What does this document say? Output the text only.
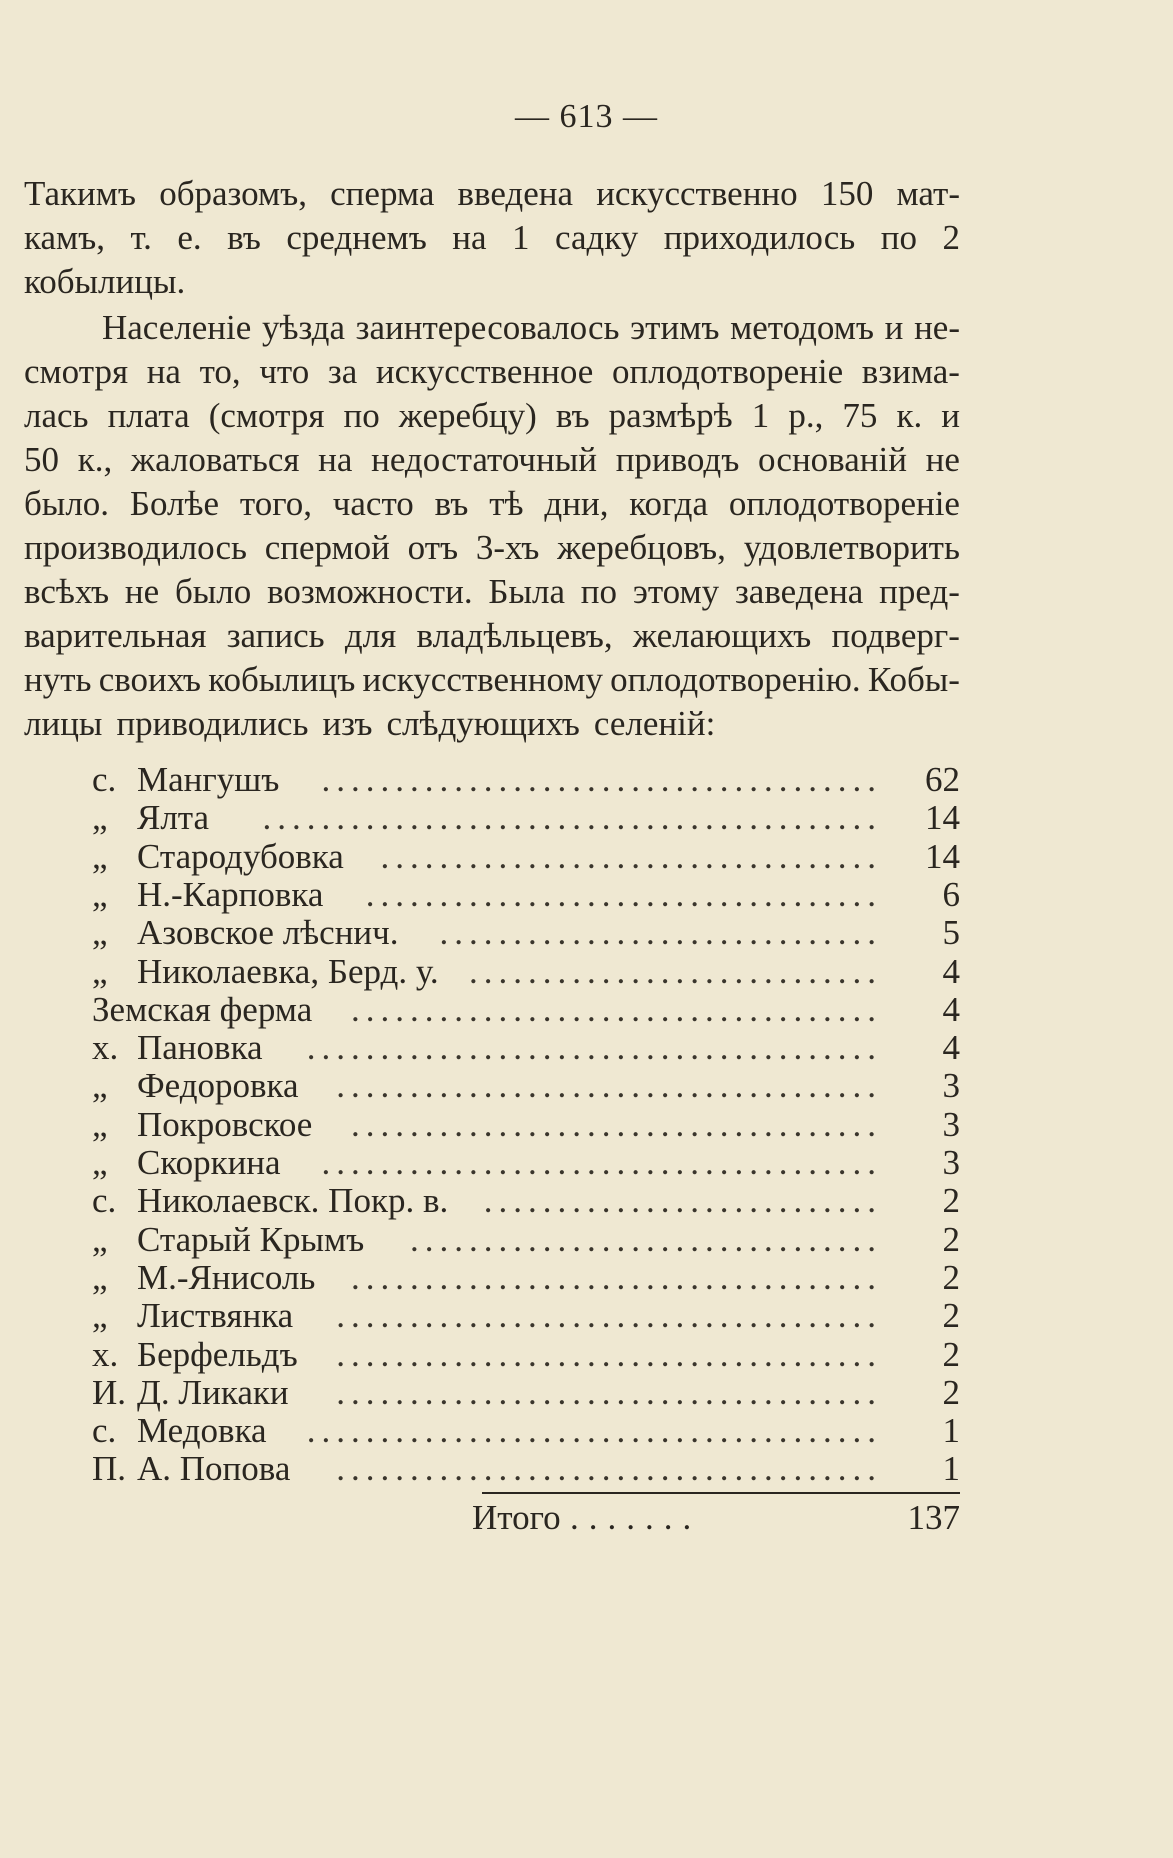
— 613 —
Такимъ образомъ, сперма введена искусственно 150 мат-
камъ, т. е. въ среднемъ на 1 садку приходилось по 2
кобылицы.
Населеніе уѣзда заинтересовалось этимъ методомъ и не-
смотря на то, что за искусственное оплодотвореніе взима-
лась плата (смотря по жеребцу) въ размѣрѣ 1 р., 75 к. и
50 к., жаловаться на недостаточный приводъ основаній не
было. Болѣе того, часто въ тѣ дни, когда оплодотвореніе
производилось спермой отъ 3-хъ жеребцовъ, удовлетворить
всѣхъ не было возможности. Была по этому заведена пред-
варительная запись для владѣльцевъ, желающихъ подверг-
нуть своихъ кобылицъ искусственному оплодотворенію. Кобы-
лицы приводились изъ слѣдующихъ селеній:
с. Мангушъ ......................................	62
„ Ялта ..........................................	14
„ Стародубовка ..................................	14
„ Н.-Карповка ...................................	6
„ Азовское лѣснич. ..............................	5
„ Николаевка, Берд. у. ............................	4
Земская ферма ....................................	4
х. Пановка .......................................	4
„ Федоровка .....................................	3
„ Покровское ....................................	3
„ Скоркина ......................................	3
с. Николаевск. Покр. в. ...........................	2
„ Старый Крымъ ................................	2
„ М.-Янисоль ....................................	2
„ Листвянка .....................................	2
х. Берфельдъ .....................................	2
И. Д. Ликаки .....................................	2
с. Медовка .......................................	1
П. А. Попова .....................................	1
Итого .......	137
